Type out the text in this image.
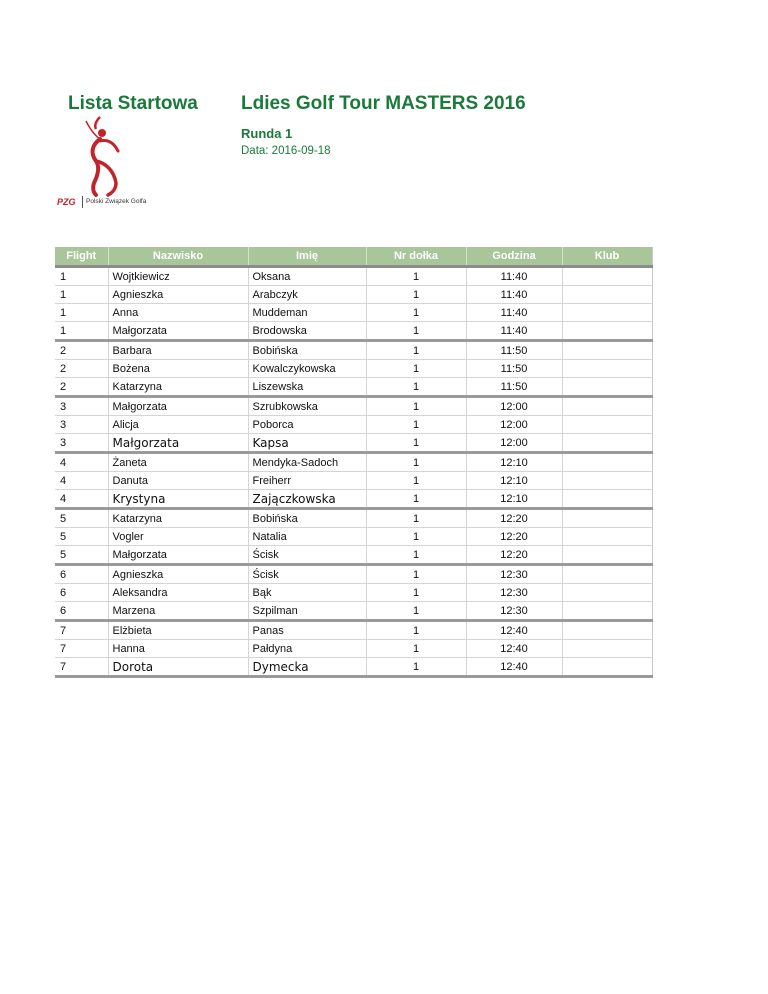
Lista Startowa Ldies Golf Tour MASTERS 2016
Runda 1
Data: 2016-09-18
PZG Polski Związek Golfa
Flight	Nazwisko	Imię	Nr dołka	Godzina	Klub
1	Wojtkiewicz	Oksana	1	11:40	
1	Agnieszka	Arabczyk	1	11:40	
1	Anna	Muddeman	1	11:40	
1	Małgorzata	Brodowska	1	11:40	
2	Barbara	Bobińska	1	11:50	
2	Bożena	Kowalczykowska	1	11:50	
2	Katarzyna	Liszewska	1	11:50	
3	Małgorzata	Szrubkowska	1	12:00	
3	Alicja	Poborca	1	12:00	
3	Małgorzata	Kapsa	1	12:00	
4	Żaneta	Mendyka-Sadoch	1	12:10	
4	Danuta	Freiherr	1	12:10	
4	Krystyna	Zajączkowska	1	12:10	
5	Katarzyna	Bobińska	1	12:20	
5	Vogler	Natalia	1	12:20	
5	Małgorzata	Ścisk	1	12:20	
6	Agnieszka	Ścisk	1	12:30	
6	Aleksandra	Bąk	1	12:30	
6	Marzena	Szpilman	1	12:30	
7	Elżbieta	Panas	1	12:40	
7	Hanna	Pałdyna	1	12:40	
7	Dorota	Dymecka	1	12:40	
